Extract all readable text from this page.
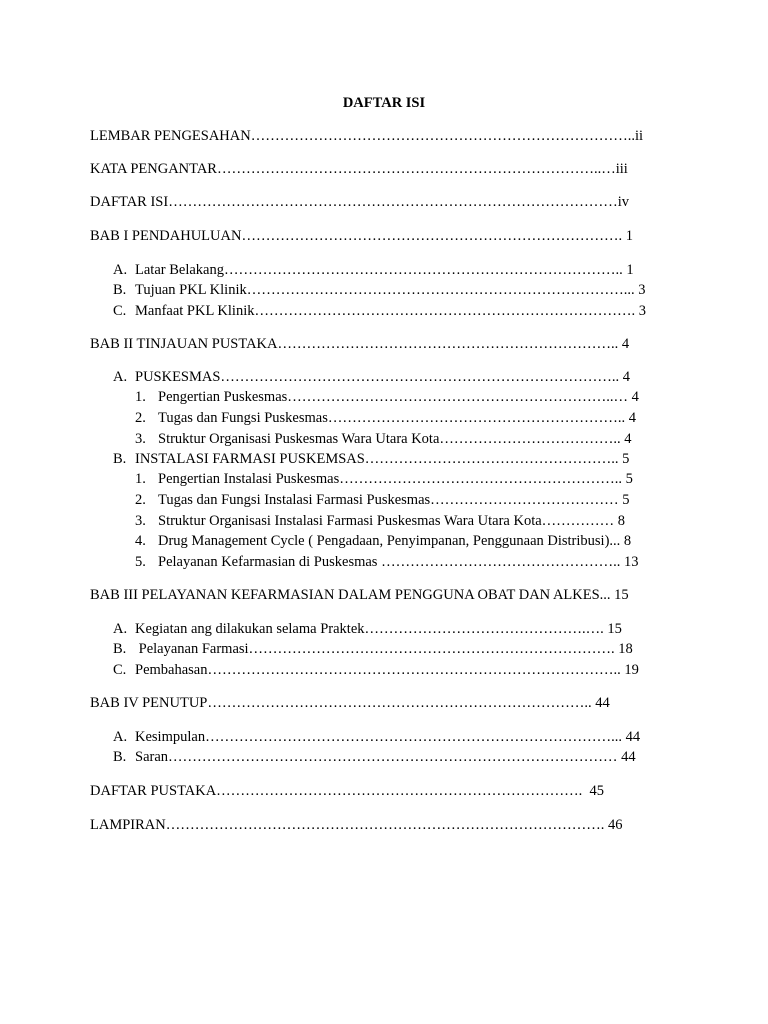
DAFTAR ISI
LEMBAR PENGESAHAN……………………………………………………………………..ii
KATA PENGANTAR……………………………………………………………………..…iii
DAFTAR ISI…………………………………………………………………………………iv
BAB I PENDAHULUAN……………………………………………………………………. 1
A. Latar Belakang……………………………………………………………………….. 1
B. Tujuan PKL Klinik……………………………………………………………………... 3
C. Manfaat PKL Klinik……………………………………………………………………. 3
BAB II TINJAUAN PUSTAKA…………………………………………………………….. 4
A. PUSKESMAS……………………………………………………………………….. 4
1. Pengertian Puskesmas…………………………………………………………..… 4
2. Tugas dan Fungsi Puskesmas…………………………………………………….. 4
3. Struktur Organisasi Puskesmas Wara Utara Kota……………………………….. 4
B. INSTALASI FARMASI PUSKEMSAS…………………………………………….. 5
1. Pengertian Instalasi Puskesmas………………………………………………….. 5
2. Tugas dan Fungsi Instalasi Farmasi Puskesmas………………………………… 5
3. Struktur Organisasi Instalasi Farmasi Puskesmas Wara Utara Kota…………… 8
4. Drug Management Cycle ( Pengadaan, Penyimpanan, Penggunaan Distribusi)... 8
5. Pelayanan Kefarmasian di Puskesmas ………………………………………….. 13
BAB III PELAYANAN KEFARMASIAN DALAM PENGGUNA OBAT DAN ALKES... 15
A. Kegiatan ang dilakukan selama Praktek……………………………………….…. 15
B. Pelayanan Farmasi…………………………………………………………………. 18
C. Pembahasan………………………………………………………………………….. 19
BAB IV PENUTUP…………………………………………………………………….. 44
A. Kesimpulan…………………………………………………………………………... 44
B. Saran………………………………………………………………………………… 44
DAFTAR PUSTAKA………………………………………………………………….  45
LAMPIRAN………………………………………………………………………………. 46
